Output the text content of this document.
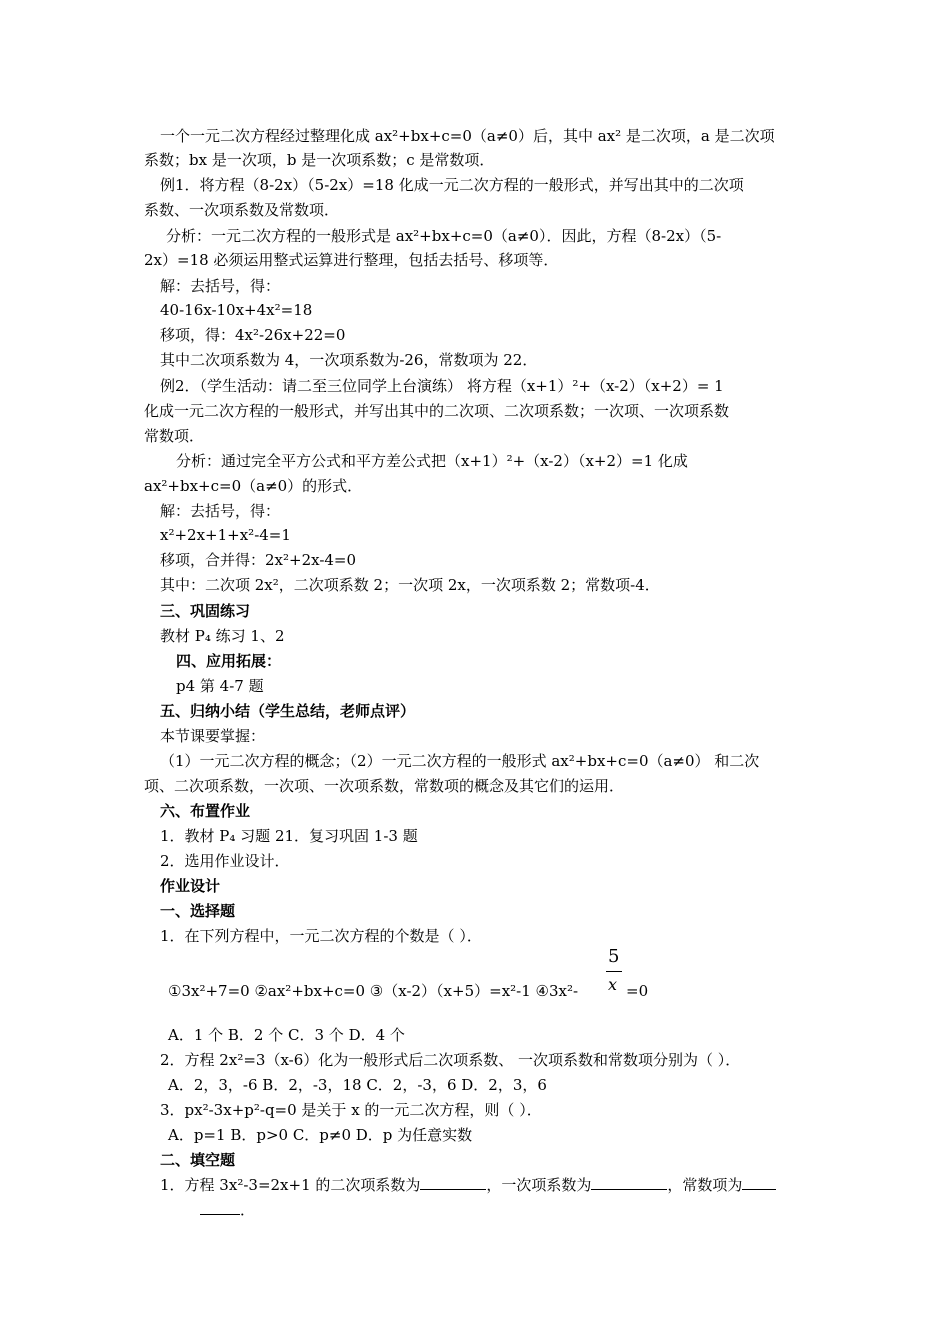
一个一元二次方程经过整理化成 ax²+bx+c=0（a≠0）后，其中 ax² 是二次项，a 是二次项
系数；bx 是一次项，b 是一次项系数；c 是常数项．
例1．将方程（8-2x）（5-2x）=18 化成一元二次方程的一般形式，并写出其中的二次项
系数、一次项系数及常数项．
分析：一元二次方程的一般形式是 ax²+bx+c=0（a≠0）．因此，方程（8-2x）（5-
2x）=18 必须运用整式运算进行整理，包括去括号、移项等．
解：去括号，得：
40-16x-10x+4x²=18
移项，得：4x²-26x+22=0
其中二次项系数为 4，一次项系数为-26，常数项为 22．
例2．（学生活动：请二至三位同学上台演练） 将方程（x+1）²+（x-2）（x+2）= 1
化成一元二次方程的一般形式，并写出其中的二次项、二次项系数；一次项、一次项系数
常数项．
分析：通过完全平方公式和平方差公式把（x+1）²+（x-2）（x+2）=1 化成
ax²+bx+c=0（a≠0）的形式．
解：去括号，得：
x²+2x+1+x²-4=1
移项，合并得：2x²+2x-4=0
其中：二次项 2x²，二次项系数 2；一次项 2x，一次项系数 2；常数项-4．
三、巩固练习
教材 P₄ 练习 1、2
四、应用拓展：
p4 第 4-7 题
五、归纳小结（学生总结，老师点评）
本节课要掌握：
（1）一元二次方程的概念；（2）一元二次方程的一般形式 ax²+bx+c=0（a≠0） 和二次
项、二次项系数，一次项、一次项系数，常数项的概念及其它们的运用．
六、布置作业
1．教材 P₄ 习题 21．复习巩固 1-3 题
2．选用作业设计．
作业设计
一、选择题
1．在下列方程中，一元二次方程的个数是（ ）．
①3x²+7=0 ②ax²+bx+c=0 ③（x-2）（x+5）=x²-1 ④3x²-
5
x =0
A．1 个 B．2 个 C．3 个 D．4 个
2．方程 2x²=3（x-6）化为一般形式后二次项系数、 一次项系数和常数项分别为（ ）．
A．2，3，-6 B．2，-3，18 C．2，-3，6 D．2，3，6
3．px²-3x+p²-q=0 是关于 x 的一元二次方程，则（ ）．
A．p=1 B．p>0 C．p≠0 D．p 为任意实数
二、填空题
1．方程 3x²-3=2x+1 的二次项系数为	，一次项系数为	，常数项为
．
